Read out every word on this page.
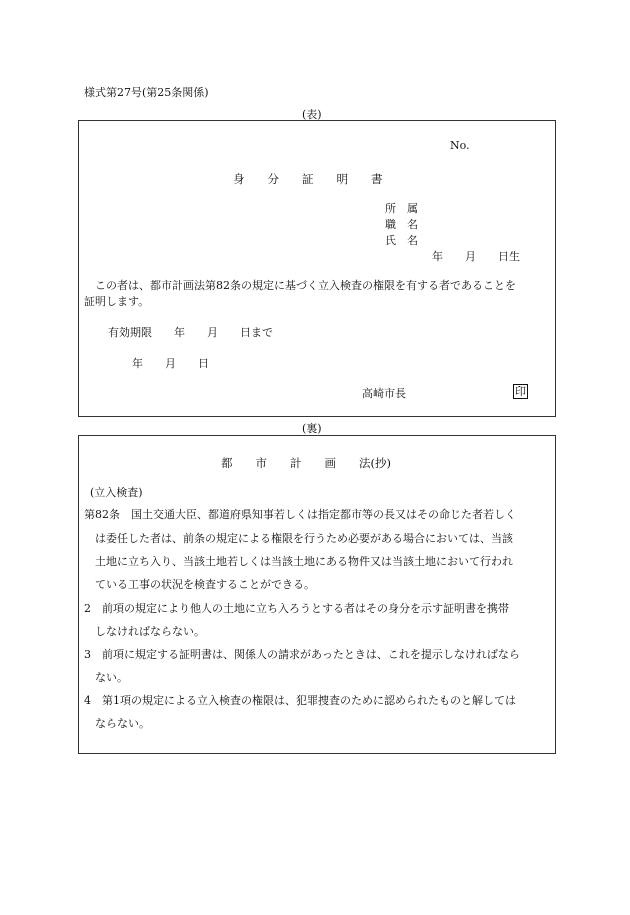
様式第27号(第25条関係)
(表)
No.
身　　分　　証　　明　　書
所　属
職　名
氏　名
年　　月　　日生
　この者は、都市計画法第82条の規定に基づく立入検査の権限を有する者であることを
証明します。
有効期限　　年　　月　　日まで
年　　月　　日
高崎市長	印
(裏)
都　　市　　計　　画　　法(抄)
(立入検査)
第82条　国土交通大臣、都道府県知事若しくは指定都市等の長又はその命じた者若しく
は委任した者は、前条の規定による権限を行うため必要がある場合においては、当該
土地に立ち入り、当該土地若しくは当該土地にある物件又は当該土地において行われ
ている工事の状況を検査することができる。
2　前項の規定により他人の土地に立ち入ろうとする者はその身分を示す証明書を携帯
しなければならない。
3　前項に規定する証明書は、関係人の請求があったときは、これを提示しなければなら
ない。
4　第1項の規定による立入検査の権限は、犯罪捜査のために認められたものと解しては
ならない。
